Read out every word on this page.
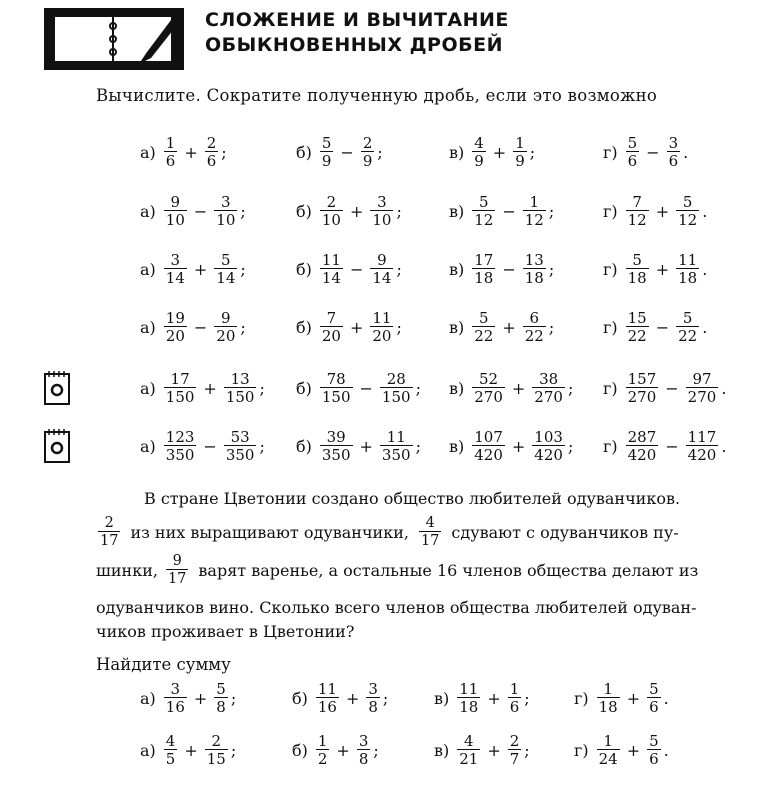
СЛОЖЕНИЕ И ВЫЧИТАНИЕ
ОБЫКНОВЕННЫХ ДРОБЕЙ
Вычислите. Сократите полученную дробь, если это возможно
$а) \frac{1}{6} + \frac{2}{6}$ ;	$б) \frac{5}{9} - \frac{2}{9}$ ;	$в) \frac{4}{9} + \frac{1}{9}$ ;	$г) \frac{5}{6} - \frac{3}{6}$ .
$а) \frac{9}{10} - \frac{3}{10}$ ;	$б) \frac{2}{10} + \frac{3}{10}$ ;	$в) \frac{5}{12} - \frac{1}{12}$ ;	$г) \frac{7}{12} + \frac{5}{12}$ .
$а) \frac{3}{14} + \frac{5}{14}$ ;	$б) \frac{11}{14} - \frac{9}{14}$ ;	$в) \frac{17}{18} - \frac{13}{18}$ ;	$г) \frac{5}{18} + \frac{11}{18}$ .
$а) \frac{19}{20} - \frac{9}{20}$ ;	$б) \frac{7}{20} + \frac{11}{20}$ ;	$в) \frac{5}{22} + \frac{6}{22}$ ;	$г) \frac{15}{22} - \frac{5}{22}$ .
$а) \frac{17}{150} + \frac{13}{150}$ ; $б) \frac{78}{150} - \frac{28}{150}$ ; $в) \frac{52}{270} + \frac{38}{270}$ ; $г) \frac{157}{270} - \frac{97}{270}$ .
$а) \frac{123}{350} - \frac{53}{350}$ ; $б) \frac{39}{350} + \frac{11}{350}$ ; $в) \frac{107}{420} + \frac{103}{420}$ ; $г) \frac{287}{420} - \frac{117}{420}$ .
В стране Цветонии создано общество любителей одуванчиков.
$\frac{2}{17}$ из них выращивают одуванчики, $\frac{4}{17}$ сдувают с одуванчиков пу-
шинки, $\frac{9}{17}$ варят варенье, а остальные 16 членов общества делают из
одуванчиков вино. Сколько всего членов общества любителей одуван-
чиков проживает в Цветонии?
Найдите сумму
$а) \frac{3}{16} + \frac{5}{8}$ ;	$б) \frac{11}{16} + \frac{3}{8}$ ;	$в) \frac{11}{18} + \frac{1}{6}$ ;	$г) \frac{1}{18} + \frac{5}{6}$ .
$а) \frac{4}{5} + \frac{2}{15}$ ;	$б) \frac{1}{2} + \frac{3}{8}$ ;	$в) \frac{4}{21} + \frac{2}{7}$ ;	$г) \frac{1}{24} + \frac{5}{6}$ .
